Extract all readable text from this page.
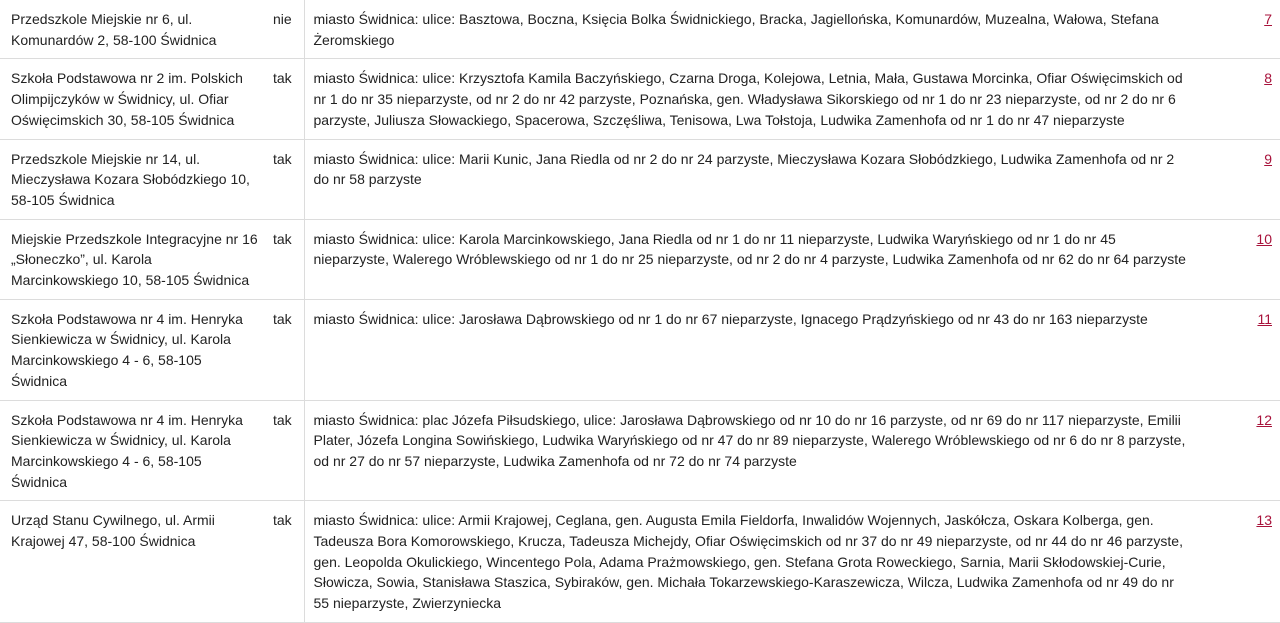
Przedszkole Miejskie nr 6, ul. Komunardów 2, 58-100 Świdnica	nie	miasto Świdnica: ulice: Basztowa, Boczna, Księcia Bolka Świdnickiego, Bracka, Jagiellońska, Komunardów, Muzealna, Wałowa, Stefana Żeromskiego	7
Szkoła Podstawowa nr 2 im. Polskich Olimpijczyków w Świdnicy, ul. Ofiar Oświęcimskich 30, 58-105 Świdnica	tak	miasto Świdnica: ulice: Krzysztofa Kamila Baczyńskiego, Czarna Droga, Kolejowa, Letnia, Mała, Gustawa Morcinka, Ofiar Oświęcimskich od nr 1 do nr 35 nieparzyste, od nr 2 do nr 42 parzyste, Poznańska, gen. Władysława Sikorskiego od nr 1 do nr 23 nieparzyste, od nr 2 do nr 6 parzyste, Juliusza Słowackiego, Spacerowa, Szczęśliwa, Tenisowa, Lwa Tołstoja, Ludwika Zamenhofa od nr 1 do nr 47 nieparzyste	8
Przedszkole Miejskie nr 14, ul. Mieczysława Kozara Słobódzkiego 10, 58-105 Świdnica	tak	miasto Świdnica: ulice: Marii Kunic, Jana Riedla od nr 2 do nr 24 parzyste, Mieczysława Kozara Słobódzkiego, Ludwika Zamenhofa od nr 2 do nr 58 parzyste	9
Miejskie Przedszkole Integracyjne nr 16 „Słoneczko”, ul. Karola Marcinkowskiego 10, 58-105 Świdnica	tak	miasto Świdnica: ulice: Karola Marcinkowskiego, Jana Riedla od nr 1 do nr 11 nieparzyste, Ludwika Waryńskiego od nr 1 do nr 45 nieparzyste, Walerego Wróblewskiego od nr 1 do nr 25 nieparzyste, od nr 2 do nr 4 parzyste, Ludwika Zamenhofa od nr 62 do nr 64 parzyste	10
Szkoła Podstawowa nr 4 im. Henryka Sienkiewicza w Świdnicy, ul. Karola Marcinkowskiego 4 - 6, 58-105 Świdnica	tak	miasto Świdnica: ulice: Jarosława Dąbrowskiego od nr 1 do nr 67 nieparzyste, Ignacego Prądzyńskiego od nr 43 do nr 163 nieparzyste	11
Szkoła Podstawowa nr 4 im. Henryka Sienkiewicza w Świdnicy, ul. Karola Marcinkowskiego 4 - 6, 58-105 Świdnica	tak	miasto Świdnica: plac Józefa Piłsudskiego, ulice: Jarosława Dąbrowskiego od nr 10 do nr 16 parzyste, od nr 69 do nr 117 nieparzyste, Emilii Plater, Józefa Longina Sowińskiego, Ludwika Waryńskiego od nr 47 do nr 89 nieparzyste, Walerego Wróblewskiego od nr 6 do nr 8 parzyste, od nr 27 do nr 57 nieparzyste, Ludwika Zamenhofa od nr 72 do nr 74 parzyste	12
Urząd Stanu Cywilnego, ul. Armii Krajowej 47, 58-100 Świdnica	tak	miasto Świdnica: ulice: Armii Krajowej, Ceglana, gen. Augusta Emila Fieldorfa, Inwalidów Wojennych, Jaskółcza, Oskara Kolberga, gen. Tadeusza Bora Komorowskiego, Krucza, Tadeusza Michejdy, Ofiar Oświęcimskich od nr 37 do nr 49 nieparzyste, od nr 44 do nr 46 parzyste, gen. Leopolda Okulickiego, Wincentego Pola, Adama Prażmowskiego, gen. Stefana Grota Roweckiego, Sarnia, Marii Skłodowskiej-Curie, Słowicza, Sowia, Stanisława Staszica, Sybiraków, gen. Michała Tokarzewskiego-Karaszewicza, Wilcza, Ludwika Zamenhofa od nr 49 do nr 55 nieparzyste, Zwierzyniecka	13
